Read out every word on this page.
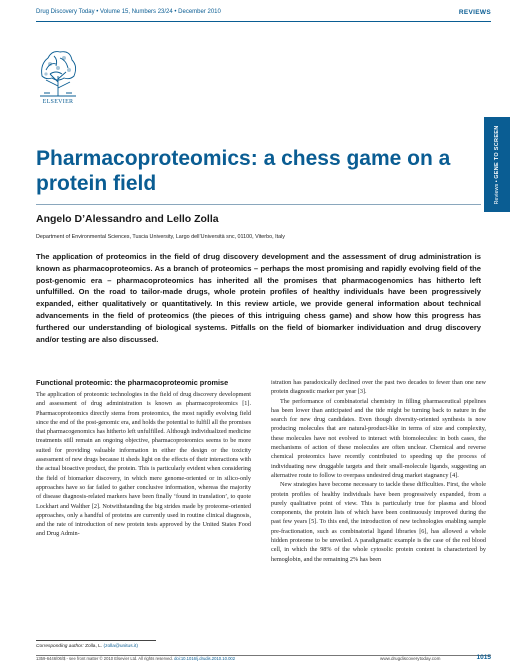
Drug Discovery Today • Volume 15, Numbers 23/24 • December 2010	REVIEWS
ELSEVIER
Reviews • GENE TO SCREEN
Pharmacoproteomics: a chess game on a protein field
Angelo D’Alessandro and Lello Zolla
Department of Environmental Sciences, Tuscia University, Largo dell’Università snc, 01100, Viterbo, Italy

The application of proteomics in the field of drug discovery development and the assessment of drug administration is known as pharmacoproteomics. As a branch of proteomics – perhaps the most promising and rapidly evolving field of the post-genomic era – pharmacoproteomics has inherited all the promises that pharmacogenomics has hitherto left unfulfilled. On the road to tailor-made drugs, whole protein profiles of healthy individuals have been progressively expanded, either qualitatively or quantitatively. In this review article, we provide general information about technical advancements in the field of proteomics (the pieces of this intriguing chess game) and show how this progress has furthered our understanding of biological systems. Pitfalls on the field of biomarker individuation and drug discovery and/or testing are also discussed.

Functional proteomic: the pharmacoproteomic promise

The application of proteomic technologies in the field of drug discovery development and assessment of drug administration is known as pharmacoproteomics [1]. Pharmacoproteomics directly stems from proteomics, the most rapidly evolving field since the end of the post-genomic era, and holds the potential to fulfill all the promises that pharmacogenomics has hitherto left unfulfilled. Although individualized medicine treatments still remain an ongoing objective, pharmacoproteomics seems to be more suited for providing valuable information in either the design or the toxicity assessment of new drugs because it sheds light on the effects of their interactions with the actual bioactive product, the protein. This is particularly evident when considering the field of biomarker discovery, in which mere genome-oriented or in silico-only approaches have so far failed to gather conclusive information, whereas the majority of disease diagnosis-related markers have been finally ‘found in translation’, to quote Lockhart and Walther [2]. Notwithstanding the big strides made by proteome-oriented approaches, only a handful of proteins are currently used in routine clinical diagnosis, and the rate of introduction of new protein tests approved by the United States Food and Drug Admin-

istration has paradoxically declined over the past two decades to fewer than one new protein diagnostic marker per year [3].

The performance of combinatorial chemistry in filling pharmaceutical pipelines has been lower than anticipated and the tide might be turning back to nature in the search for new drug candidates. Even though diversity-oriented synthesis is now producing molecules that are natural-product-like in terms of size and complexity, these molecules have not evolved to interact with biomolecules: in both cases, the mechanisms of action of these molecules are often unclear. Chemical and reverse chemical proteomics have recently contributed to speeding up the process of individuating new druggable targets and their small-molecule ligands, suggesting an alternative route to follow to overpass undesired drug market stagnancy [4].

New strategies have become necessary to tackle these difficulties. First, the whole protein profiles of healthy individuals have been progressively expanded, from a purely qualitative point of view. This is particularly true for plasma and blood components, the protein lists of which have been continuously improved during the past few years [5]. To this end, the introduction of new technologies enabling sample pre-fractionation, such as combinatorial ligand libraries [6], has allowed a whole hidden proteome to be unveiled. A paradigmatic example is the case of the red blood cell, in which the 98% of the whole cytosolic protein content is characterized by hemoglobin, and the remaining 2% has been

Corresponding author: Zolla, L. (zolla@unitus.it)
1359-6446/06/$ - see front matter © 2010 Elsevier Ltd. All rights reserved. doi:10.1016/j.drudis.2010.10.002	www.drugdiscoverytoday.com	1015
